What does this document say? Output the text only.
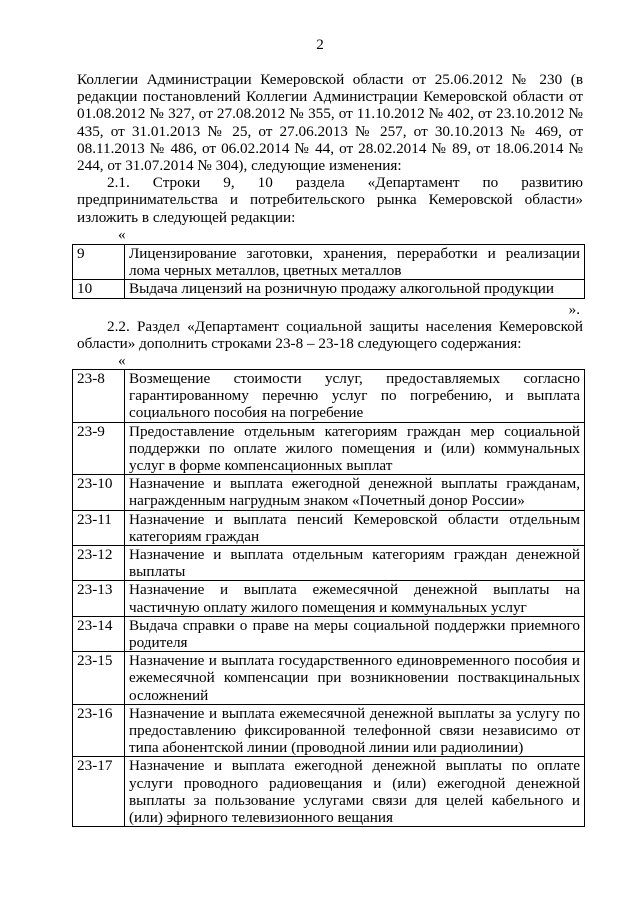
2

Коллегии Администрации Кемеровской области от 25.06.2012 № 230 (в редакции постановлений Коллегии Администрации Кемеровской области от 01.08.2012 № 327, от 27.08.2012 № 355, от 11.10.2012 № 402, от 23.10.2012 № 435, от 31.01.2013 № 25, от 27.06.2013 № 257, от 30.10.2013 № 469, от 08.11.2013 № 486, от 06.02.2014 № 44, от 28.02.2014 № 89, от 18.06.2014 № 244, от 31.07.2014 № 304), следующие изменения:

2.1. Строки 9, 10 раздела «Департамент по развитию предпринимательства и потребительского рынка Кемеровской области» изложить в следующей редакции:

«
9	Лицензирование заготовки, хранения, переработки и реализации лома черных металлов, цветных металлов
10	Выдача лицензий на розничную продажу алкогольной продукции
».

2.2. Раздел «Департамент социальной защиты населения Кемеровской области» дополнить строками 23-8 – 23-18 следующего содержания:

«
23-8	Возмещение стоимости услуг, предоставляемых согласно гарантированному перечню услуг по погребению, и выплата социального пособия на погребение
23-9	Предоставление отдельным категориям граждан мер социальной поддержки по оплате жилого помещения и (или) коммунальных услуг в форме компенсационных выплат
23-10	Назначение и выплата ежегодной денежной выплаты гражданам, награжденным нагрудным знаком «Почетный донор России»
23-11	Назначение и выплата пенсий Кемеровской области отдельным категориям граждан
23-12	Назначение и выплата отдельным категориям граждан денежной выплаты
23-13	Назначение и выплата ежемесячной денежной выплаты на частичную оплату жилого помещения и коммунальных услуг
23-14	Выдача справки о праве на меры социальной поддержки приемного родителя
23-15	Назначение и выплата государственного единовременного пособия и ежемесячной компенсации при возникновении поствакцинальных осложнений
23-16	Назначение и выплата ежемесячной денежной выплаты за услугу по предоставлению фиксированной телефонной связи независимо от типа абонентской линии (проводной линии или радиолинии)
23-17	Назначение и выплата ежегодной денежной выплаты по оплате услуги проводного радиовещания и (или) ежегодной денежной выплаты за пользование услугами связи для целей кабельного и (или) эфирного телевизионного вещания
